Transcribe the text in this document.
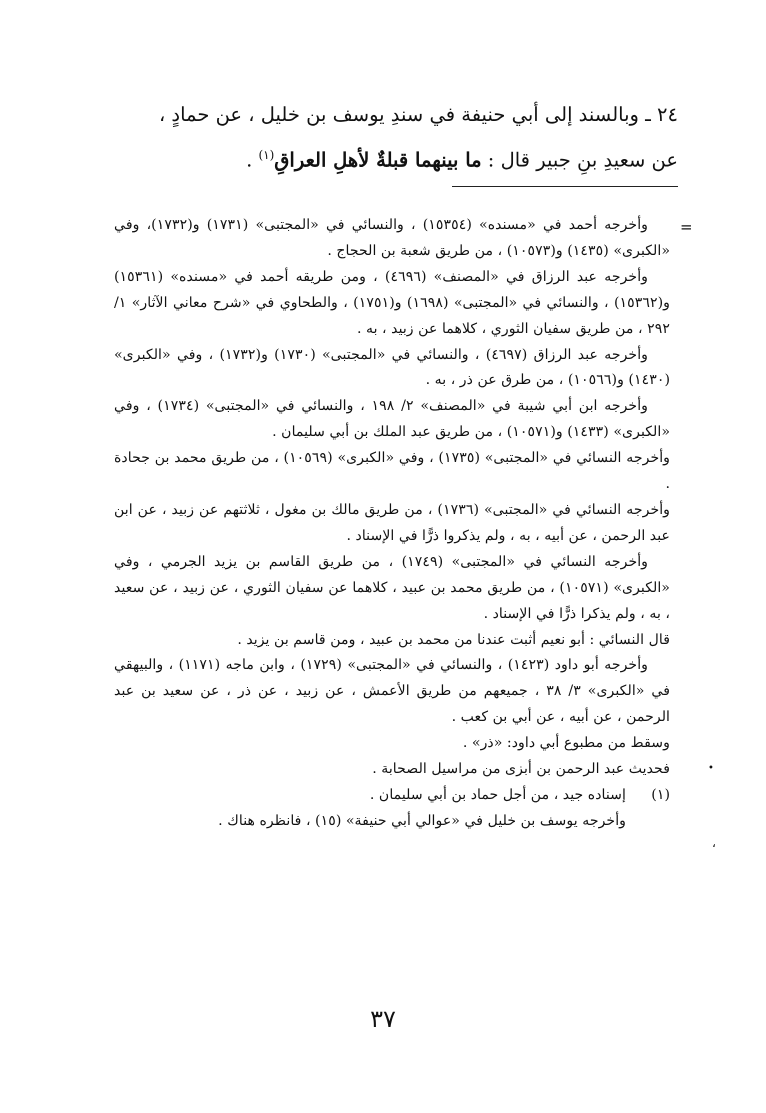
٢٤ ـ وبالسند إلى أبي حنيفة في سندِ يوسف بن خليل ، عن حمادٍ ،

عن سعيدِ بنِ جبير قال : ما بينهما قبلةٌ لأهلِ العراقِ$^{(١)}$ .

=
•
،

وأخرجه أحمد في «مسنده» (١٥٣٥٤) ، والنسائي في «المجتبى» (١٧٣١) و(١٧٣٢)، وفي «الكبرى» (١٤٣٥) و(١٠٥٧٣) ، من طريق شعبة بن الحجاج .

وأخرجه عبد الرزاق في «المصنف» (٤٦٩٦) ، ومن طريقه أحمد في «مسنده» (١٥٣٦١) و(١٥٣٦٢) ، والنسائي في «المجتبى» (١٦٩٨) و(١٧٥١) ، والطحاوي في «شرح معاني الآثار» ١/ ٢٩٢ ، من طريق سفيان الثوري ، كلاهما عن زبيد ، به .

وأخرجه عبد الرزاق (٤٦٩٧) ، والنسائي في «المجتبى» (١٧٣٠) و(١٧٣٢) ، وفي «الكبرى» (١٤٣٠) و(١٠٥٦٦) ، من طرق عن ذر ، به .

وأخرجه ابن أبي شيبة في «المصنف» ٢/ ١٩٨ ، والنسائي في «المجتبى» (١٧٣٤) ، وفي «الكبرى» (١٤٣٣) و(١٠٥٧١) ، من طريق عبد الملك بن أبي سليمان .

وأخرجه النسائي في «المجتبى» (١٧٣٥) ، وفي «الكبرى» (١٠٥٦٩) ، من طريق محمد بن جحادة .

وأخرجه النسائي في «المجتبى» (١٧٣٦) ، من طريق مالك بن مغول ، ثلاثتهم عن زبيد ، عن ابن عبد الرحمن ، عن أبيه ، به ، ولم يذكروا ذرًّا في الإسناد .

وأخرجه النسائي في «المجتبى» (١٧٤٩) ، من طريق القاسم بن يزيد الجرمي ، وفي «الكبرى» (١٠٥٧١) ، من طريق محمد بن عبيد ، كلاهما عن سفيان الثوري ، عن زبيد ، عن سعيد ، به ، ولم يذكرا ذرًّا في الإسناد .

قال النسائي : أبو نعيم أثبت عندنا من محمد بن عبيد ، ومن قاسم بن يزيد .

وأخرجه أبو داود (١٤٢٣) ، والنسائي في «المجتبى» (١٧٢٩) ، وابن ماجه (١١٧١) ، والبيهقي في «الكبرى» ٣/ ٣٨ ، جميعهم من طريق الأعمش ، عن زبيد ، عن ذر ، عن سعيد بن عبد الرحمن ، عن أبيه ، عن أبي بن كعب .

وسقط من مطبوع أبي داود: «ذر» .

فحديث عبد الرحمن بن أبزى من مراسيل الصحابة .

(١)

إسناده جيد ، من أجل حماد بن أبي سليمان .

وأخرجه يوسف بن خليل في «عوالي أبي حنيفة» (١٥) ، فانظره هناك .

٣٧
